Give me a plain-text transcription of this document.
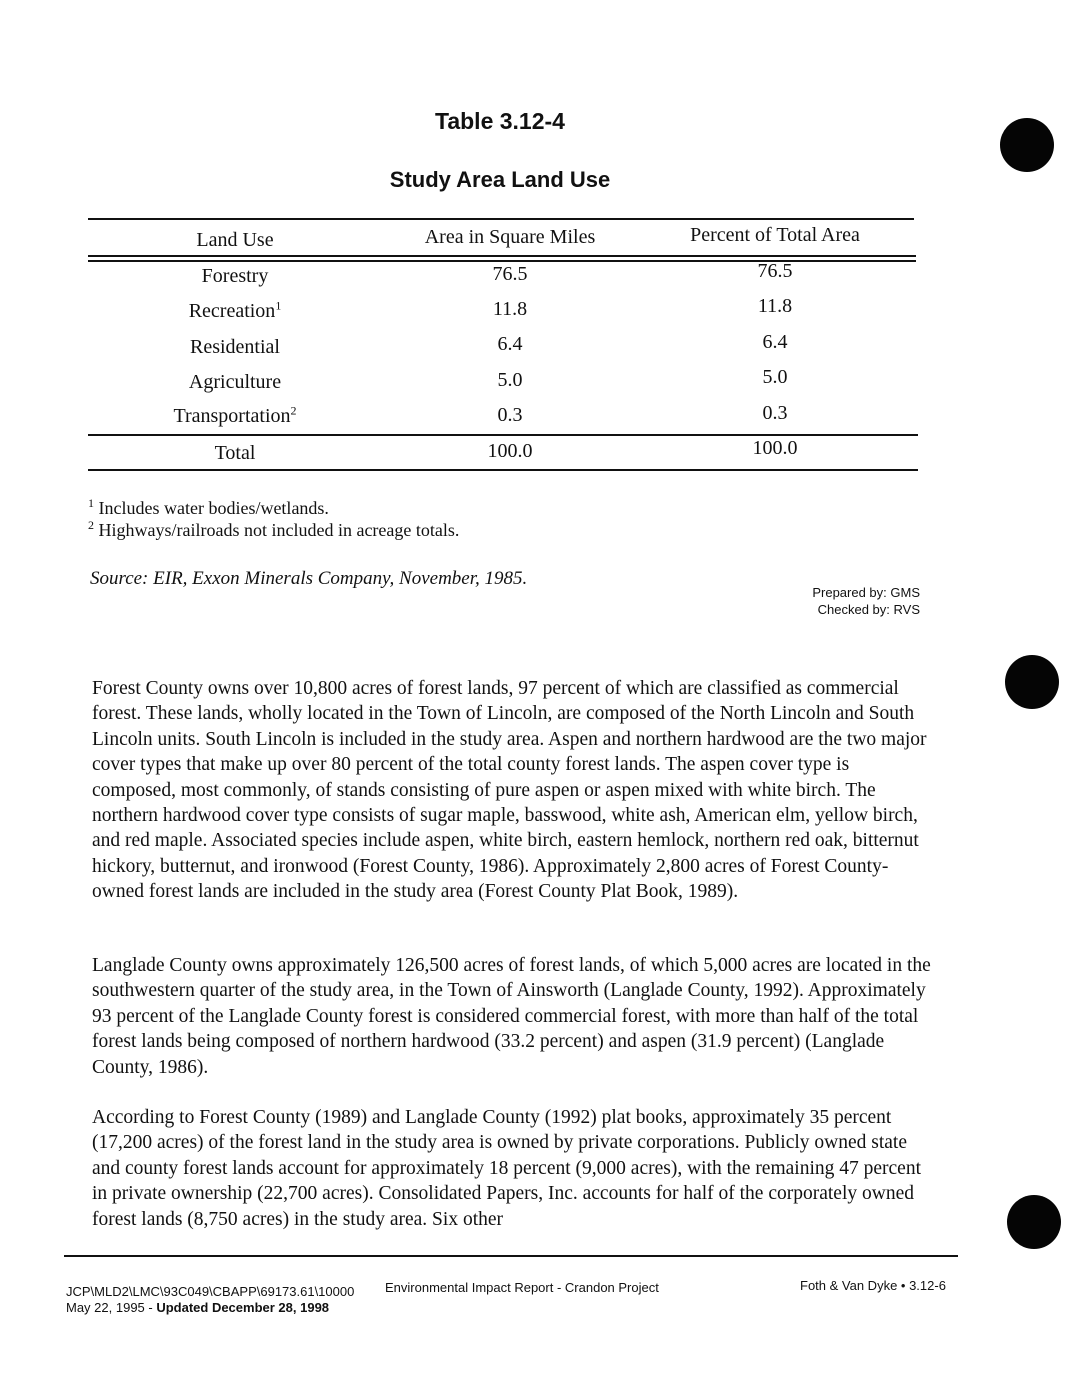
Table 3.12-4
Study Area Land Use
Land Use	Area in Square Miles	Percent of Total Area
Forestry	76.5	76.5
Recreation$^1$	11.8	11.8
Residential	6.4	6.4
Agriculture	5.0	5.0
Transportation$^2$	0.3	0.3
Total	100.0	100.0
$^1$ Includes water bodies/wetlands.
$^2$ Highways/railroads not included in acreage totals.
Source: EIR, Exxon Minerals Company, November, 1985.
Prepared by: GMS
Checked by: RVS
Forest County owns over 10,800 acres of forest lands, 97 percent of which are classified as commercial forest. These lands, wholly located in the Town of Lincoln, are composed of the North Lincoln and South Lincoln units. South Lincoln is included in the study area. Aspen and northern hardwood are the two major cover types that make up over 80 percent of the total county forest lands. The aspen cover type is composed, most commonly, of stands consisting of pure aspen or aspen mixed with white birch. The northern hardwood cover type consists of sugar maple, basswood, white ash, American elm, yellow birch, and red maple. Associated species include aspen, white birch, eastern hemlock, northern red oak, bitternut hickory, butternut, and ironwood (Forest County, 1986). Approximately 2,800 acres of Forest County-owned forest lands are included in the study area (Forest County Plat Book, 1989).
Langlade County owns approximately 126,500 acres of forest lands, of which 5,000 acres are located in the southwestern quarter of the study area, in the Town of Ainsworth (Langlade County, 1992). Approximately 93 percent of the Langlade County forest is considered commercial forest, with more than half of the total forest lands being composed of northern hardwood (33.2 percent) and aspen (31.9 percent) (Langlade County, 1986).
According to Forest County (1989) and Langlade County (1992) plat books, approximately 35 percent (17,200 acres) of the forest land in the study area is owned by private corporations. Publicly owned state and county forest lands account for approximately 18 percent (9,000 acres), with the remaining 47 percent in private ownership (22,700 acres). Consolidated Papers, Inc. accounts for half of the corporately owned forest lands (8,750 acres) in the study area. Six other
JCP\MLD2\LMC\93C049\CBAPP\69173.61\10000
May 22, 1995 - Updated December 28, 1998
Environmental Impact Report - Crandon Project	Foth & Van Dyke • 3.12-6
